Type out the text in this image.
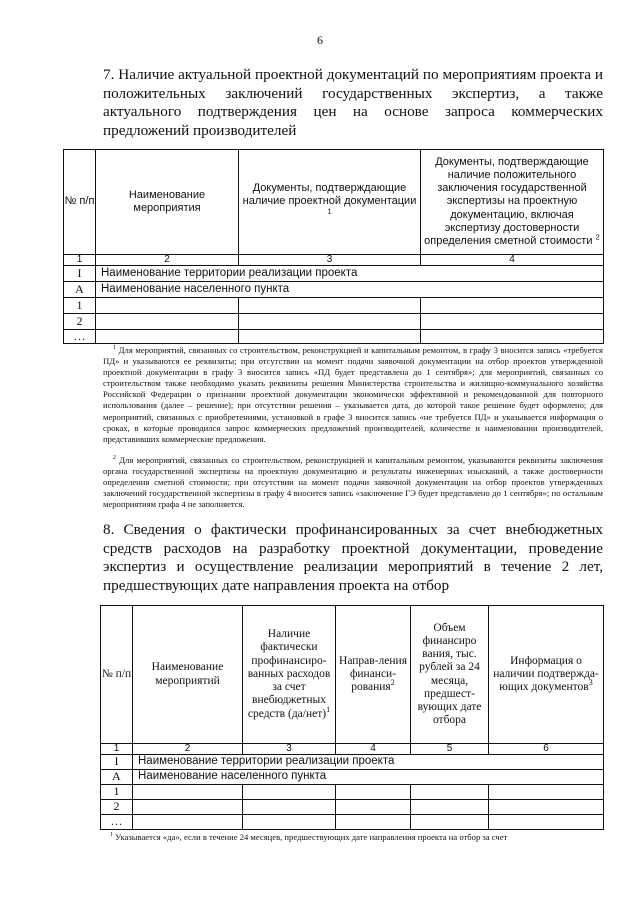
6
7. Наличие актуальной проектной документаций по мероприятиям проекта и положительных заключений государственных экспертиз, а также актуального подтверждения цен на основе запроса коммерческих предложений производителей
№ п/п	Наименование мероприятия	Документы, подтверждающие наличие проектной документации $^1$	Документы, подтверждающие наличие положительного заключения государственной экспертизы на проектную документацию, включая экспертизу достоверности определения сметной стоимости $^2$
1	2	3	4
I	Наименование территории реализации проекта		
А	Наименование населенного пункта		
1			
2			
…			

$^1$ Для мероприятий, связанных со строительством, реконструкцией и капитальным ремонтом, в графу 3 вносится запись «требуется ПД» и указываются ее реквизиты; при отсутствии на момент подачи заявочной документации на отбор проектов утвержденной проектной документации в графу 3 вносится запись «ПД будет представлена до 1 сентября»; для мероприятий, связанных со строительством также необходимо указать реквизиты решения Министерства строительства и жилищно-коммунального хозяйства Российской Федерации о признании проектной документации экономически эффективной и рекомендованной для повторного использования (далее – решение); при отсутствии решения – указывается дата, до которой такое решение будет оформлено; для мероприятий, связанных с приобретениями, установкой в графе 3 вносится запись «не требуется ПД» и указывается информация о сроках, в которые проводился запрос коммерческих предложений производителей, количестве и наименовании производителей, представивших коммерческие предложения.

$^2$ Для мероприятий, связанных со строительством, реконструкцией и капитальным ремонтом, указываются реквизиты заключения органа государственной экспертизы на проектную документацию и результаты инженерных изысканий, а также достоверности определения сметной стоимости; при отсутствии на момент подачи заявочной документации на отбор проектов утвержденных заключений государственной экспертизы в графу 4 вносится запись «заключение ГЭ будет представлено до 1 сентября»; по остальным мероприятиям графа 4 не заполняется.

8. Сведения о фактически профинансированных за счет внебюджетных средств расходов на разработку проектной документации, проведение экспертиз и осуществление реализации мероприятий в течение 2 лет, предшествующих дате направления проекта на отбор
№ п/п	Наименование мероприятий	Наличие фактически профинансиро-ванных расходов за счет внебюджетных средств $(да/нет)^1$	Направ-ления финанси-рования$^2$	Объем финансиро вания, тыс. рублей за 24 месяца, предшест-вующих дате отбора	Информация о наличии подтвержда-ющих документов$^3$
1	2	3	4	5	6
I	Наименование территории реализации проекта				
А	Наименование населенного пункта				
1					
2					
…					

$^1$ Указывается «да», если в течение 24 месяцев, предшествующих дате направления проекта на отбор за счет
